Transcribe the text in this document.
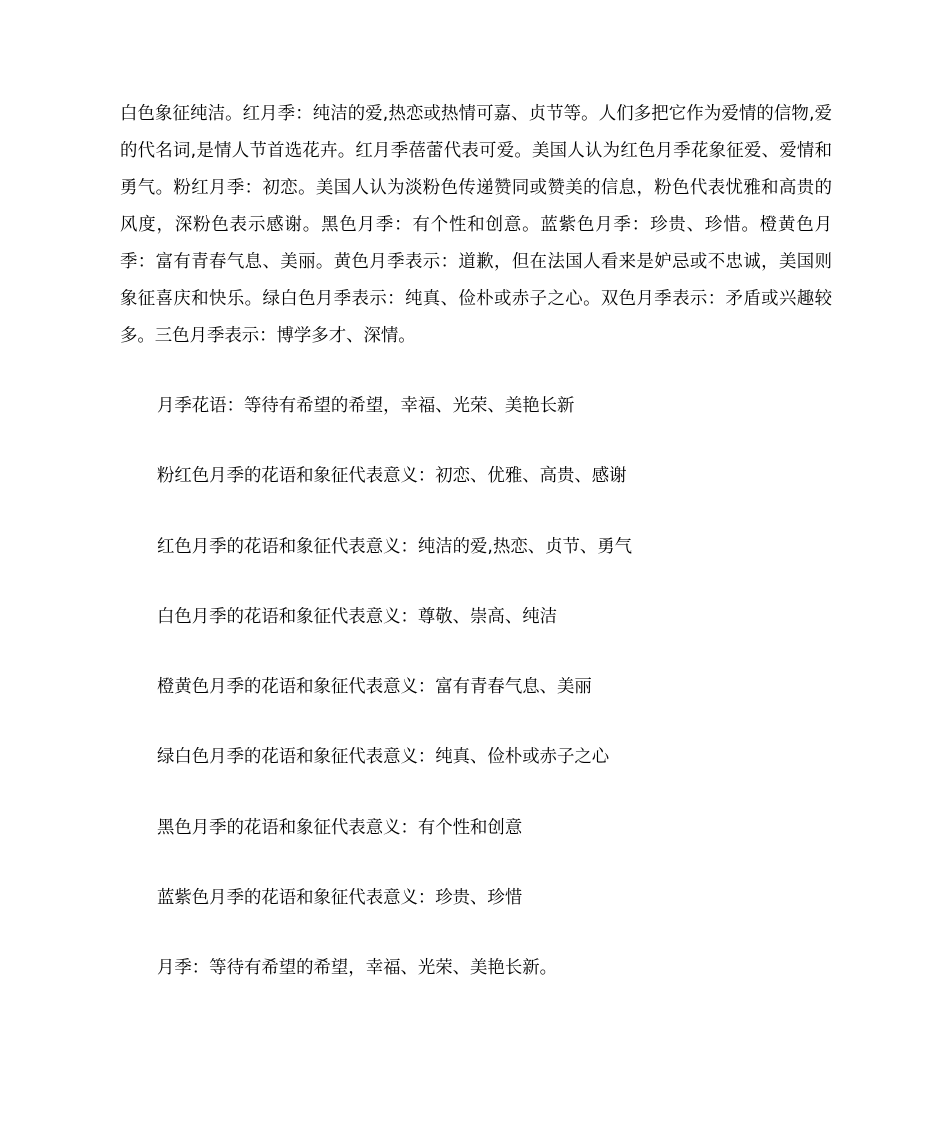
白色象征纯洁。红月季：纯洁的爱,热恋或热情可嘉、贞节等。人们多把它作为爱情的信物,爱的代名词,是情人节首选花卉。红月季蓓蕾代表可爱。美国人认为红色月季花象征爱、爱情和勇气。粉红月季：初恋。美国人认为淡粉色传递赞同或赞美的信息，粉色代表忧雅和高贵的风度，深粉色表示感谢。黑色月季：有个性和创意。蓝紫色月季：珍贵、珍惜。橙黄色月季：富有青春气息、美丽。黄色月季表示：道歉，但在法国人看来是妒忌或不忠诚，美国则象征喜庆和快乐。绿白色月季表示：纯真、俭朴或赤子之心。双色月季表示：矛盾或兴趣较多。三色月季表示：博学多才、深情。

月季花语：等待有希望的希望，幸福、光荣、美艳长新
粉红色月季的花语和象征代表意义：初恋、优雅、高贵、感谢
红色月季的花语和象征代表意义：纯洁的爱,热恋、贞节、勇气
白色月季的花语和象征代表意义：尊敬、崇高、纯洁
橙黄色月季的花语和象征代表意义：富有青春气息、美丽
绿白色月季的花语和象征代表意义：纯真、俭朴或赤子之心
黑色月季的花语和象征代表意义：有个性和创意
蓝紫色月季的花语和象征代表意义：珍贵、珍惜
月季：等待有希望的希望，幸福、光荣、美艳长新。
